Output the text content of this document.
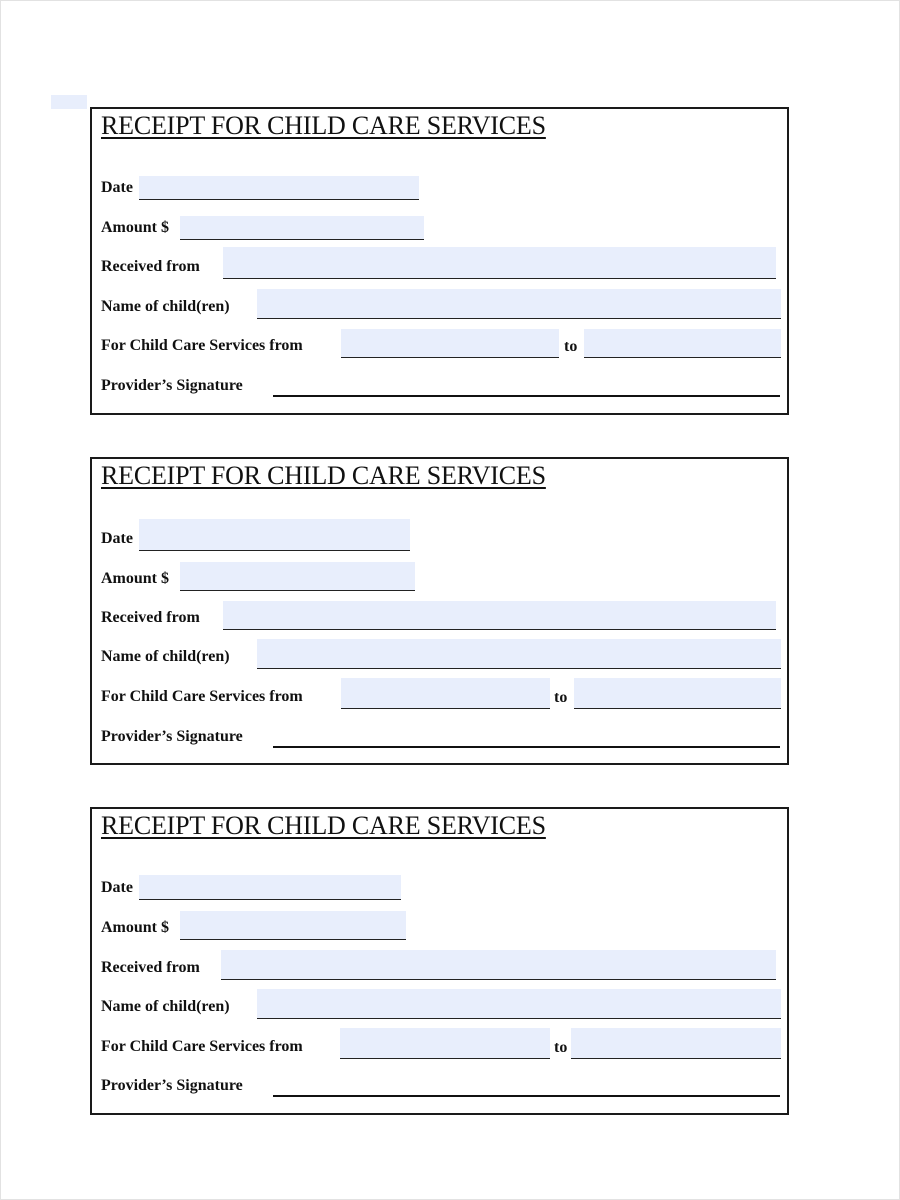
RECEIPT FOR CHILD CARE SERVICES
Date
Amount $
Received from
Name of child(ren)
For Child Care Services from	to
Provider’s Signature
RECEIPT FOR CHILD CARE SERVICES
Date
Amount $
Received from
Name of child(ren)
For Child Care Services from	to
Provider’s Signature
RECEIPT FOR CHILD CARE SERVICES
Date
Amount $
Received from
Name of child(ren)
For Child Care Services from	to
Provider’s Signature
